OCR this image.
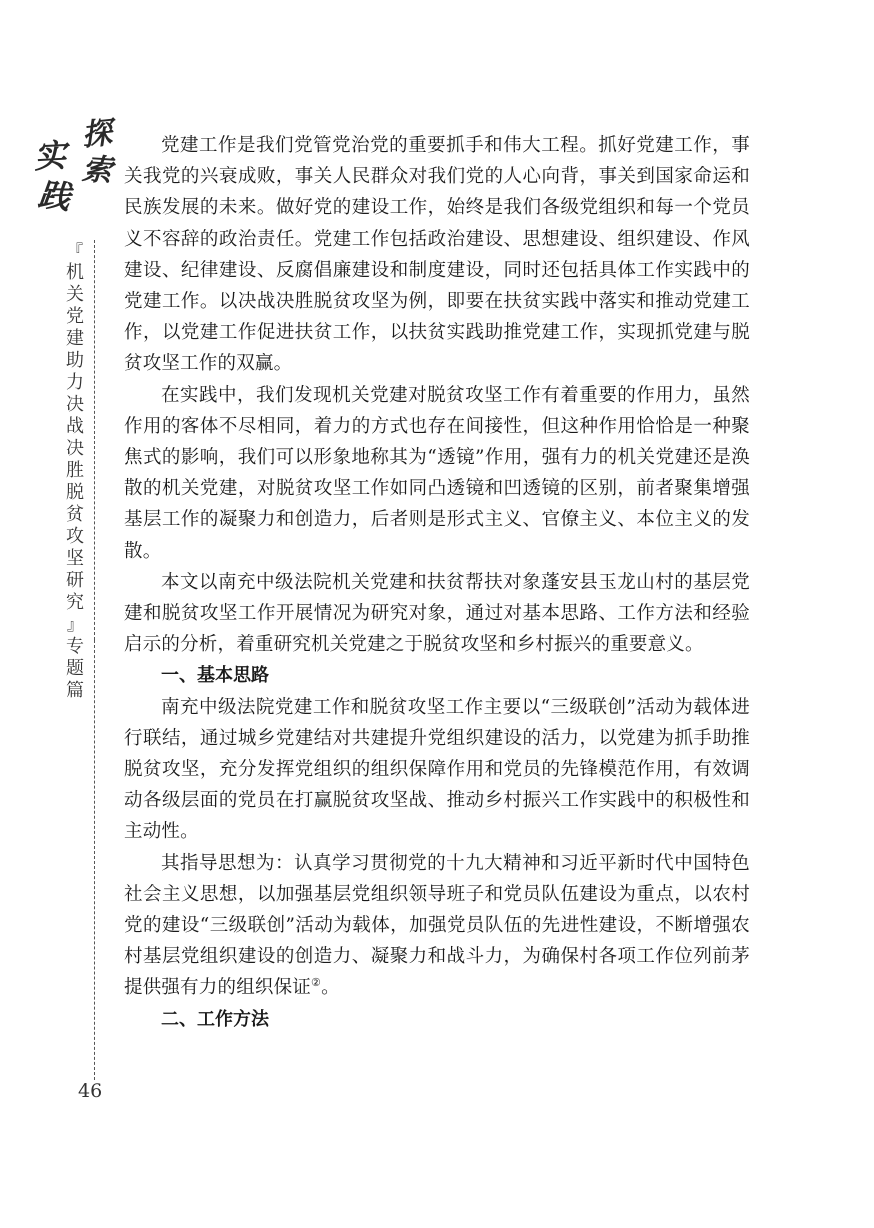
探
索
实
践
『
机
关
党
建
助
力
决
战
决
胜
脱
贫
攻
坚
研
究
』
专
题
篇
46

党建工作是我们党管党治党的重要抓手和伟大工程。抓好党建工作，事关我党的兴衰成败，事关人民群众对我们党的人心向背，事关到国家命运和民族发展的未来。做好党的建设工作，始终是我们各级党组织和每一个党员义不容辞的政治责任。党建工作包括政治建设、思想建设、组织建设、作风建设、纪律建设、反腐倡廉建设和制度建设，同时还包括具体工作实践中的党建工作。以决战决胜脱贫攻坚为例，即要在扶贫实践中落实和推动党建工作，以党建工作促进扶贫工作，以扶贫实践助推党建工作，实现抓党建与脱贫攻坚工作的双赢。

在实践中，我们发现机关党建对脱贫攻坚工作有着重要的作用力，虽然作用的客体不尽相同，着力的方式也存在间接性，但这种作用恰恰是一种聚焦式的影响，我们可以形象地称其为“透镜”作用，强有力的机关党建还是涣散的机关党建，对脱贫攻坚工作如同凸透镜和凹透镜的区别，前者聚集增强基层工作的凝聚力和创造力，后者则是形式主义、官僚主义、本位主义的发散。

本文以南充中级法院机关党建和扶贫帮扶对象蓬安县玉龙山村的基层党建和脱贫攻坚工作开展情况为研究对象，通过对基本思路、工作方法和经验启示的分析，着重研究机关党建之于脱贫攻坚和乡村振兴的重要意义。

一、基本思路

南充中级法院党建工作和脱贫攻坚工作主要以“三级联创”活动为载体进行联结，通过城乡党建结对共建提升党组织建设的活力，以党建为抓手助推脱贫攻坚，充分发挥党组织的组织保障作用和党员的先锋模范作用，有效调动各级层面的党员在打赢脱贫攻坚战、推动乡村振兴工作实践中的积极性和主动性。

其指导思想为：认真学习贯彻党的十九大精神和习近平新时代中国特色社会主义思想，以加强基层党组织领导班子和党员队伍建设为重点，以农村党的建设“三级联创”活动为载体，加强党员队伍的先进性建设，不断增强农村基层党组织建设的创造力、凝聚力和战斗力，为确保村各项工作位列前茅提供强有力的组织保证②。

二、工作方法
